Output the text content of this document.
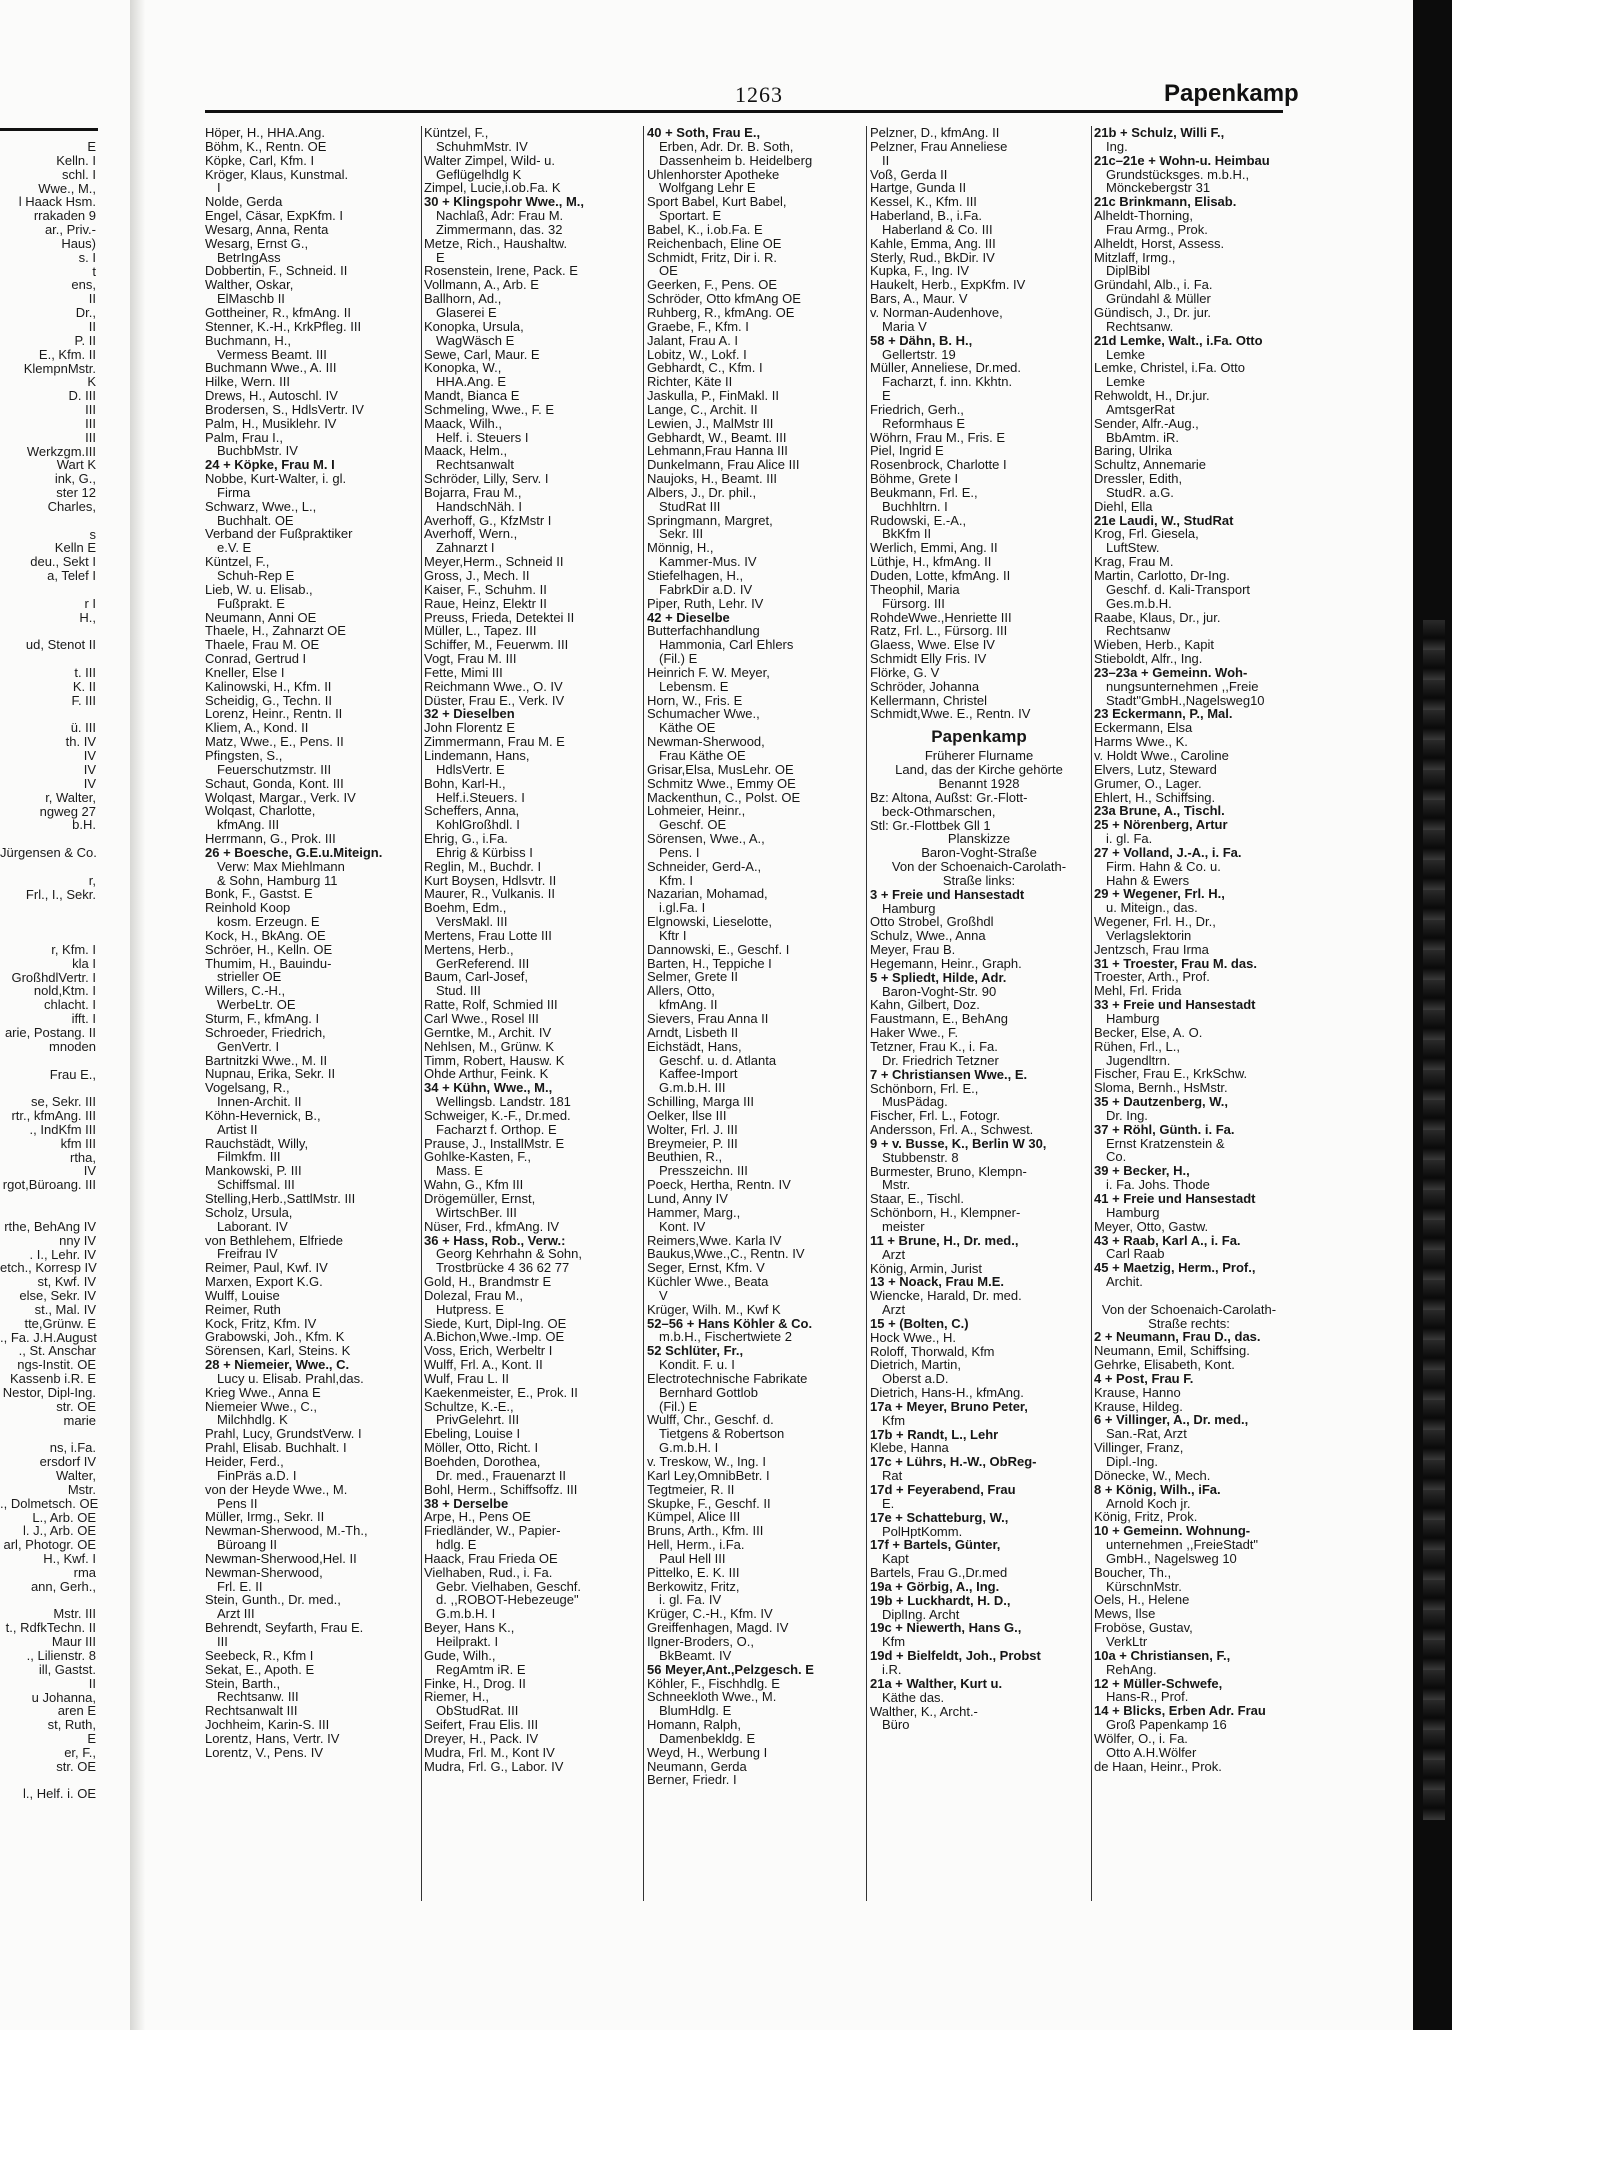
E
Kelln. I
schl. I
Wwe., M.,
l Haack Hsm.
rrakaden 9
ar., Priv.-
Haus)
s. I
t
ens,
II
Dr.,
II
P. II
E., Kfm. II
KlempnMstr.
K
D. III
III
III
III
Werkzgm.III
Wart K
ink, G.,
ster 12
Charles,
s
Kelln E
deu., Sekt I
a, Telef I
r I
H.,
ud, Stenot II
t. III
K. II
F. III
ü. III
th. IV
IV
IV
IV
r, Walter,
ngweg 27
b.H.
Jürgensen & Co.
r,
Frl., I., Sekr.
r, Kfm. I
kla I
GroßhdlVertr. I
nold,Ktm. I
chlacht. I
ifft. I
arie, Postang. II
mnoden
Frau E.,
se, Sekr. III
rtr., kfmAng. III
., IndKfm III
kfm III
rtha,
IV
rgot,Büroang. III
rthe, BehAng IV
nny IV
. I., Lehr. IV
etch., Korresp IV
st, Kwf. IV
else, Sekr. IV
st., Mal. IV
tte,Grünw. E
., Fa. J.H.August
., St. Anschar
ngs-Instit. OE
Kassenb i.R. E
Nestor, Dipl-Ing.
str. OE
marie
ns, i.Fa.
ersdorf IV
Walter,
Mstr.
., Dolmetsch. OE
L., Arb. OE
l. J., Arb. OE
arl, Photogr. OE
H., Kwf. I
rma
ann, Gerh.,
Mstr. III
t., RdfkTechn. II
Maur III
., Lilienstr. 8
ill, Gastst.
II
u Johanna,
aren E
st, Ruth,
E
er, F.,
str. OE
l., Helf. i. OE
1263	Papenkamp
Höper, H., HHA.Ang.
Böhm, K., Rentn. OE
Köpke, Carl, Kfm. I
Kröger, Klaus, Kunstmal.
I
Nolde, Gerda
Engel, Cäsar, ExpKfm. I
Wesarg, Anna, Renta
Wesarg, Ernst G.,
BetrIngAss
Dobbertin, F., Schneid. II
Walther, Oskar,
ElMaschb II
Gottheiner, R., kfmAng. II
Stenner, K.-H., KrkPfleg. III
Buchmann, H.,
Vermess Beamt. III
Buchmann Wwe., A. III
Hilke, Wern. III
Drews, H., Autoschl. IV
Brodersen, S., HdlsVertr. IV
Palm, H., Musiklehr. IV
Palm, Frau I.,
BuchbMstr. IV
24 + Köpke, Frau M. I
Nobbe, Kurt-Walter, i. gl.
Firma
Schwarz, Wwe., L.,
Buchhalt. OE
Verband der Fußpraktiker
e.V. E
Küntzel, F.,
Schuh-Rep E
Lieb, W. u. Elisab.,
Fußprakt. E
Neumann, Anni OE
Thaele, H., Zahnarzt OE
Thaele, Frau M. OE
Conrad, Gertrud I
Kneller, Else I
Kalinowski, H., Kfm. II
Scheidig, G., Techn. II
Lorenz, Heinr., Rentn. II
Kliem, A., Kond. II
Matz, Wwe., E., Pens. II
Pfingsten, S.,
Feuerschutzmstr. III
Schaut, Gonda, Kont. III
Wolqast, Margar., Verk. IV
Wolqast, Charlotte,
kfmAng. III
Herrmann, G., Prok. III
26 + Boesche, G.E.u.Miteign.
Verw: Max Miehlmann
& Sohn, Hamburg 11
Bonk, F., Gastst. E
Reinhold Koop
kosm. Erzeugn. E
Kock, H., BkAng. OE
Schröer, H., Kelln. OE
Thumim, H., Bauindu-
strieller OE
Willers, C.-H.,
WerbeLtr. OE
Sturm, F., kfmAng. I
Schroeder, Friedrich,
GenVertr. I
Bartnitzki Wwe., M. II
Nupnau, Erika, Sekr. II
Vogelsang, R.,
Innen-Archit. II
Köhn-Hevernick, B.,
Artist II
Rauchstädt, Willy,
Filmkfm. III
Mankowski, P. III
Schiffsmal. III
Stelling,Herb.,SattlMstr. III
Scholz, Ursula,
Laborant. IV
von Bethlehem, Elfriede
Freifrau IV
Reimer, Paul, Kwf. IV
Marxen, Export K.G.
Wulff, Louise
Reimer, Ruth
Kock, Fritz, Kfm. IV
Grabowski, Joh., Kfm. K
Sörensen, Karl, Steins. K
28 + Niemeier, Wwe., C.
Lucy u. Elisab. Prahl,das.
Krieg Wwe., Anna E
Niemeier Wwe., C.,
Milchhdlg. K
Prahl, Lucy, GrundstVerw. I
Prahl, Elisab. Buchhalt. I
Heider, Ferd.,
FinPräs a.D. I
von der Heyde Wwe., M.
Pens II
Müller, Irmg., Sekr. II
Newman-Sherwood, M.-Th.,
Büroang II
Newman-Sherwood,Hel. II
Newman-Sherwood,
Frl. E. II
Stein, Gunth., Dr. med.,
Arzt III
Behrendt, Seyfarth, Frau E.
III
Seebeck, R., Kfm I
Sekat, E., Apoth. E
Stein, Barth.,
Rechtsanw. III
Rechtsanwalt III
Jochheim, Karin-S. III
Lorentz, Hans, Vertr. IV
Lorentz, V., Pens. IV
Küntzel, F.,
SchuhmMstr. IV
Walter Zimpel, Wild- u.
Geflügelhdlg K
Zimpel, Lucie,i.ob.Fa. K
30 + Klingspohr Wwe., M.,
Nachlaß, Adr: Frau M.
Zimmermann, das. 32
Metze, Rich., Haushaltw.
E
Rosenstein, Irene, Pack. E
Vollmann, A., Arb. E
Ballhorn, Ad.,
Glaserei E
Konopka, Ursula,
WagWäsch E
Sewe, Carl, Maur. E
Konopka, W.,
HHA.Ang. E
Mandt, Bianca E
Schmeling, Wwe., F. E
Maack, Wilh.,
Helf. i. Steuers I
Maack, Helm.,
Rechtsanwalt
Schröder, Lilly, Serv. I
Bojarra, Frau M.,
HandschNäh. I
Averhoff, G., KfzMstr I
Averhoff, Wern.,
Zahnarzt I
Meyer,Herm., Schneid II
Gross, J., Mech. II
Kaiser, F., Schuhm. II
Raue, Heinz, Elektr II
Preuss, Frieda, Detektei II
Müller, L., Tapez. III
Schiffer, M., Feuerwm. III
Vogt, Frau M. III
Fette, Mimi III
Reichmann Wwe., O. IV
Düster, Frau E., Verk. IV
32 + Dieselben
John Florentz E
Zimmermann, Frau M. E
Lindemann, Hans,
HdlsVertr. E
Bohn, Karl-H.,
Helf.i.Steuers. I
Scheffers, Anna,
KohlGroßhdl. I
Ehrig, G., i.Fa.
Ehrig & Kürbiss I
Reglin, M., Buchdr. I
Kurt Boysen, Hdlsvtr. II
Maurer, R., Vulkanis. II
Boehm, Edm.,
VersMakl. III
Mertens, Frau Lotte III
Mertens, Herb.,
GerReferend. III
Baum, Carl-Josef,
Stud. III
Ratte, Rolf, Schmied III
Carl Wwe., Rosel III
Gerntke, M., Archit. IV
Nehlsen, M., Grünw. K
Timm, Robert, Hausw. K
Ohde Arthur, Feink. K
34 + Kühn, Wwe., M.,
Wellingsb. Landstr. 181
Schweiger, K.-F., Dr.med.
Facharzt f. Orthop. E
Prause, J., InstallMstr. E
Gohlke-Kasten, F.,
Mass. E
Wahn, G., Kfm III
Drögemüller, Ernst,
WirtschBer. III
Nüser, Frd., kfmAng. IV
36 + Hass, Rob., Verw.:
Georg Kehrhahn & Sohn,
Trostbrücke 4 36 62 77
Gold, H., Brandmstr E
Dolezal, Frau M.,
Hutpress. E
Siede, Kurt, Dipl-Ing. OE
A.Bichon,Wwe.-Imp. OE
Voss, Erich, Werbeltr I
Wulff, Frl. A., Kont. II
Wulf, Frau L. II
Kaekenmeister, E., Prok. II
Schultze, K.-E.,
PrivGelehrt. III
Ebeling, Louise I
Möller, Otto, Richt. I
Boehden, Dorothea,
Dr. med., Frauenarzt II
Bohl, Herm., Schiffsoffz. III
38 + Derselbe
Arpe, H., Pens OE
Friedländer, W., Papier-
hdlg. E
Haack, Frau Frieda OE
Vielhaben, Rud., i. Fa.
Gebr. Vielhaben, Geschf.
d. ,,ROBOT-Hebezeuge"
G.m.b.H. I
Beyer, Hans K.,
Heilprakt. I
Gude, Wilh.,
RegAmtm iR. E
Finke, H., Drog. II
Riemer, H.,
ObStudRat. III
Seifert, Frau Elis. III
Dreyer, H., Pack. IV
Mudra, Frl. M., Kont IV
Mudra, Frl. G., Labor. IV
40 + Soth, Frau E.,
Erben, Adr. Dr. B. Soth,
Dassenheim b. Heidelberg
Uhlenhorster Apotheke
Wolfgang Lehr E
Sport Babel, Kurt Babel,
Sportart. E
Babel, K., i.ob.Fa. E
Reichenbach, Eline OE
Schmidt, Fritz, Dir i. R.
OE
Geerken, F., Pens. OE
Schröder, Otto kfmAng OE
Ruhberg, R., kfmAng. OE
Graebe, F., Kfm. I
Jalant, Frau A. I
Lobitz, W., Lokf. I
Gebhardt, C., Kfm. I
Richter, Käte II
Jaskulla, P., FinMakl. II
Lange, C., Archit. II
Lewien, J., MalMstr III
Gebhardt, W., Beamt. III
Lehmann,Frau Hanna III
Dunkelmann, Frau Alice III
Naujoks, H., Beamt. III
Albers, J., Dr. phil.,
StudRat III
Springmann, Margret,
Sekr. III
Mönnig, H.,
Kammer-Mus. IV
Stiefelhagen, H.,
FabrkDir a.D. IV
Piper, Ruth, Lehr. IV
42 + Dieselbe
Butterfachhandlung
Hammonia, Carl Ehlers
(Fil.) E
Heinrich F. W. Meyer,
Lebensm. E
Horn, W., Fris. E
Schumacher Wwe.,
Käthe OE
Newman-Sherwood,
Frau Käthe OE
Grisar,Elsa, MusLehr. OE
Schmitz Wwe., Emmy OE
Mackenthun, C., Polst. OE
Lohmeier, Heinr.,
Geschf. OE
Sörensen, Wwe., A.,
Pens. I
Schneider, Gerd-A.,
Kfm. I
Nazarian, Mohamad,
i.gl.Fa. I
Elgnowski, Lieselotte,
Kftr I
Dannowski, E., Geschf. I
Barten, H., Teppiche I
Selmer, Grete II
Allers, Otto,
kfmAng. II
Sievers, Frau Anna II
Arndt, Lisbeth II
Eichstädt, Hans,
Geschf. u. d. Atlanta
Kaffee-Import
G.m.b.H. III
Schilling, Marga III
Oelker, Ilse III
Wolter, Frl. J. III
Breymeier, P. III
Beuthien, R.,
Presszeichn. III
Poeck, Hertha, Rentn. IV
Lund, Anny IV
Hammer, Marg.,
Kont. IV
Reimers,Wwe. Karla IV
Baukus,Wwe.,C., Rentn. IV
Seger, Ernst, Kfm. V
Küchler Wwe., Beata
V
Krüger, Wilh. M., Kwf K
52–56 + Hans Köhler & Co.
m.b.H., Fischertwiete 2
52 Schlüter, Fr.,
Kondit. F. u. I
Electrotechnische Fabrikate
Bernhard Gottlob
(Fil.) E
Wulff, Chr., Geschf. d.
Tietgens & Robertson
G.m.b.H. I
v. Treskow, W., Ing. I
Karl Ley,OmnibBetr. I
Tegtmeier, R. II
Skupke, F., Geschf. II
Kümpel, Alice III
Bruns, Arth., Kfm. III
Hell, Herm., i.Fa.
Paul Hell III
Pittelko, E. K. III
Berkowitz, Fritz,
i. gl. Fa. IV
Krüger, C.-H., Kfm. IV
Greiffenhagen, Magd. IV
Ilgner-Broders, O.,
BkBeamt. IV
56 Meyer,Ant.,Pelzgesch. E
Köhler, F., Fischhdlg. E
Schneekloth Wwe., M.
BlumHdlg. E
Homann, Ralph,
Damenbekldg. E
Weyd, H., Werbung I
Neumann, Gerda
Berner, Friedr. I
Pelzner, D., kfmAng. II
Pelzner, Frau Anneliese
II
Voß, Gerda II
Hartge, Gunda II
Kessel, K., Kfm. III
Haberland, B., i.Fa.
Haberland & Co. III
Kahle, Emma, Ang. III
Sterly, Rud., BkDir. IV
Kupka, F., Ing. IV
Haukelt, Herb., ExpKfm. IV
Bars, A., Maur. V
v. Norman-Audenhove,
Maria V
58 + Dähn, B. H.,
Gellertstr. 19
Müller, Anneliese, Dr.med.
Facharzt, f. inn. Kkhtn.
E
Friedrich, Gerh.,
Reformhaus E
Wöhrn, Frau M., Fris. E
Piel, Ingrid E
Rosenbrock, Charlotte I
Böhme, Grete I
Beukmann, Frl. E.,
Buchhltrn. I
Rudowski, E.-A.,
BkKfm II
Werlich, Emmi, Ang. II
Lüthje, H., kfmAng. II
Duden, Lotte, kfmAng. II
Theophil, Maria
Fürsorg. III
RohdeWwe.,Henriette III
Ratz, Frl. L., Fürsorg. III
Glaess, Wwe. Else IV
Schmidt Elly Fris. IV
Flörke, G. V
Schröder, Johanna
Kellermann, Christel
Schmidt,Wwe. E., Rentn. IV
Papenkamp
Früherer Flurname
Land, das der Kirche gehörte
Benannt 1928
Bz: Altona, Außst: Gr.-Flott-
beck-Othmarschen,
Stl: Gr.-Flottbek Gll 1
Planskizze
Baron-Voght-Straße
Von der Schoenaich-Carolath-
Straße links:
3 + Freie und Hansestadt
Hamburg
Otto Strobel, Großhdl
Schulz, Wwe., Anna
Meyer, Frau B.
Hegemann, Heinr., Graph.
5 + Spliedt, Hilde, Adr.
Baron-Voght-Str. 90
Kahn, Gilbert, Doz.
Faustmann, E., BehAng
Haker Wwe., F.
Tetzner, Frau K., i. Fa.
Dr. Friedrich Tetzner
7 + Christiansen Wwe., E.
Schönborn, Frl. E.,
MusPädag.
Fischer, Frl. L., Fotogr.
Andersson, Frl. A., Schwest.
9 + v. Busse, K., Berlin W 30,
Stubbenstr. 8
Burmester, Bruno, Klempn-
Mstr.
Staar, E., Tischl.
Schönborn, H., Klempner-
meister
11 + Brune, H., Dr. med.,
Arzt
König, Armin, Jurist
13 + Noack, Frau M.E.
Wiencke, Harald, Dr. med.
Arzt
15 + (Bolten, C.)
Hock Wwe., H.
Roloff, Thorwald, Kfm
Dietrich, Martin,
Oberst a.D.
Dietrich, Hans-H., kfmAng.
17a + Meyer, Bruno Peter,
Kfm
17b + Randt, L., Lehr
Klebe, Hanna
17c + Lührs, H.-W., ObReg-
Rat
17d + Feyerabend, Frau
E.
17e + Schatteburg, W.,
PolHptKomm.
17f + Bartels, Günter,
Kapt
Bartels, Frau G.,Dr.med
19a + Görbig, A., Ing.
19b + Luckhardt, H. D.,
DiplIng. Archt
19c + Niewerth, Hans G.,
Kfm
19d + Bielfeldt, Joh., Probst
i.R.
21a + Walther, Kurt u.
Käthe das.
Walther, K., Archt.-
Büro
21b + Schulz, Willi F.,
Ing.
21c–21e + Wohn-u. Heimbau
Grundstücksges. m.b.H.,
Mönckebergstr 31
21c Brinkmann, Elisab.
Alheldt-Thorning,
Frau Armg., Prok.
Alheldt, Horst, Assess.
Mitzlaff, Irmg.,
DiplBibl
Gründahl, Alb., i. Fa.
Gründahl & Müller
Gündisch, J., Dr. jur.
Rechtsanw.
21d Lemke, Walt., i.Fa. Otto
Lemke
Lemke, Christel, i.Fa. Otto
Lemke
Rehwoldt, H., Dr.jur.
AmtsgerRat
Sender, Alfr.-Aug.,
BbAmtm. iR.
Baring, Ulrika
Schultz, Annemarie
Dressler, Edith,
StudR. a.G.
Diehl, Ella
21e Laudi, W., StudRat
Krog, Frl. Giesela,
LuftStew.
Krag, Frau M.
Martin, Carlotto, Dr-Ing.
Geschf. d. Kali-Transport
Ges.m.b.H.
Raabe, Klaus, Dr., jur.
Rechtsanw
Wieben, Herb., Kapit
Stieboldt, Alfr., Ing.
23–23a + Gemeinn. Woh-
nungsunternehmen ,,Freie
Stadt"GmbH.,Nagelsweg10
23 Eckermann, P., Mal.
Eckermann, Elsa
Harms Wwe., K.
v. Holdt Wwe., Caroline
Elvers, Lutz, Steward
Grumer, O., Lager.
Ehlert, H., Schiffsing.
23a Brune, A., Tischl.
25 + Nörenberg, Artur
i. gl. Fa.
27 + Volland, J.-A., i. Fa.
Firm. Hahn & Co. u.
Hahn & Ewers
29 + Wegener, Frl. H.,
u. Miteign., das.
Wegener, Frl. H., Dr.,
Verlagslektorin
Jentzsch, Frau Irma
31 + Troester, Frau M. das.
Troester, Arth., Prof.
Mehl, Frl. Frida
33 + Freie und Hansestadt
Hamburg
Becker, Else, A. O.
Rühen, Frl., L.,
Jugendltrn.
Fischer, Frau E., KrkSchw.
Sloma, Bernh., HsMstr.
35 + Dautzenberg, W.,
Dr. Ing.
37 + Röhl, Günth. i. Fa.
Ernst Kratzenstein &
Co.
39 + Becker, H.,
i. Fa. Johs. Thode
41 + Freie und Hansestadt
Hamburg
Meyer, Otto, Gastw.
43 + Raab, Karl A., i. Fa.
Carl Raab
45 + Maetzig, Herm., Prof.,
Archit.
Von der Schoenaich-Carolath-
Straße rechts:
2 + Neumann, Frau D., das.
Neumann, Emil, Schiffsing.
Gehrke, Elisabeth, Kont.
4 + Post, Frau F.
Krause, Hanno
Krause, Hildeg.
6 + Villinger, A., Dr. med.,
San.-Rat, Arzt
Villinger, Franz,
Dipl.-Ing.
Dönecke, W., Mech.
8 + König, Wilh., iFa.
Arnold Koch jr.
König, Fritz, Prok.
10 + Gemeinn. Wohnung-
unternehmen ,,FreieStadt"
GmbH., Nagelsweg 10
Boucher, Th.,
KürschnMstr.
Oels, H., Helene
Mews, Ilse
Froböse, Gustav,
VerkLtr
10a + Christiansen, F.,
RehAng.
12 + Müller-Schwefe,
Hans-R., Prof.
14 + Blicks, Erben Adr. Frau
Groß Papenkamp 16
Wölfer, O., i. Fa.
Otto A.H.Wölfer
de Haan, Heinr., Prok.
